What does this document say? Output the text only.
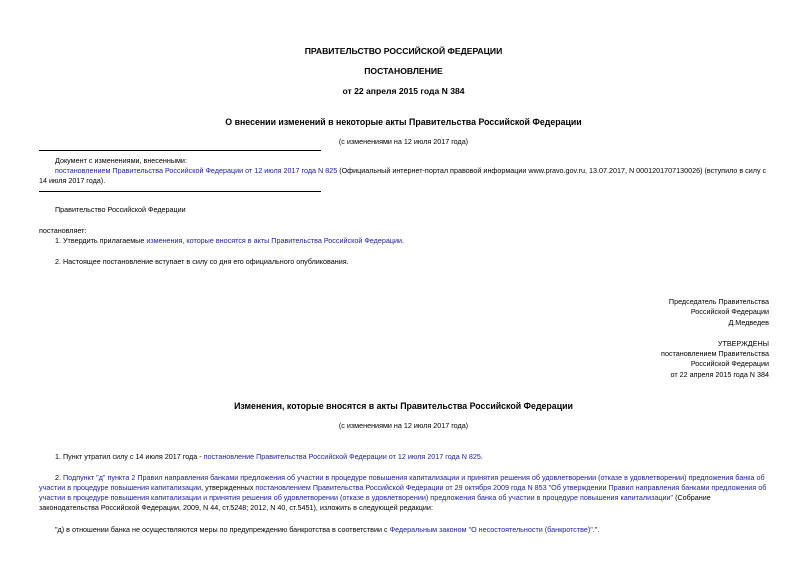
ПРАВИТЕЛЬСТВО РОССИЙСКОЙ ФЕДЕРАЦИИ
ПОСТАНОВЛЕНИЕ
от 22 апреля 2015 года N 384
О внесении изменений в некоторые акты Правительства Российской Федерации
(с изменениями на 12 июля 2017 года)
Документ с изменениями, внесенными:
постановлением Правительства Российской Федерации от 12 июля 2017 года N 825 (Официальный интернет-портал правовой информации www.pravo.gov.ru, 13.07.2017, N 0001201707130026) (вступило в силу с
14 июля 2017 года).
Правительство Российской Федерации
постановляет:
1. Утвердить прилагаемые изменения, которые вносятся в акты Правительства Российской Федерации.
2. Настоящее постановление вступает в силу со дня его официального опубликования.
Председатель Правительства
Российской Федерации
Д.Медведев
УТВЕРЖДЕНЫ
постановлением Правительства
Российской Федерации
от 22 апреля 2015 года N 384
Изменения, которые вносятся в акты Правительства Российской Федерации
(с изменениями на 12 июля 2017 года)
1. Пункт утратил силу с 14 июля 2017 года - постановление Правительства Российской Федерации от 12 июля 2017 года N 825.
2. Подпункт "д" пункта 2 Правил направления банками предложения об участии в процедуре повышения капитализации и принятия решения об удовлетворении (отказе в удовлетворении) предложения банка об участии в процедуре повышения капитализации, утвержденных постановлением Правительства Российской Федерации от 29 октября 2009 года N 853 "Об утверждении Правил направления банками предложения об участии в процедуре повышения капитализации и принятия решения об удовлетворении (отказе в удовлетворении) предложения банка об участии в процедуре повышения капитализации" (Собрание законодательства Российской Федерации, 2009, N 44, ст.5248; 2012, N 40, ст.5451), изложить в следующей редакции:
"д) в отношении банка не осуществляются меры по предупреждению банкротства в соответствии с Федеральным законом "О несостоятельности (банкротстве)".".
